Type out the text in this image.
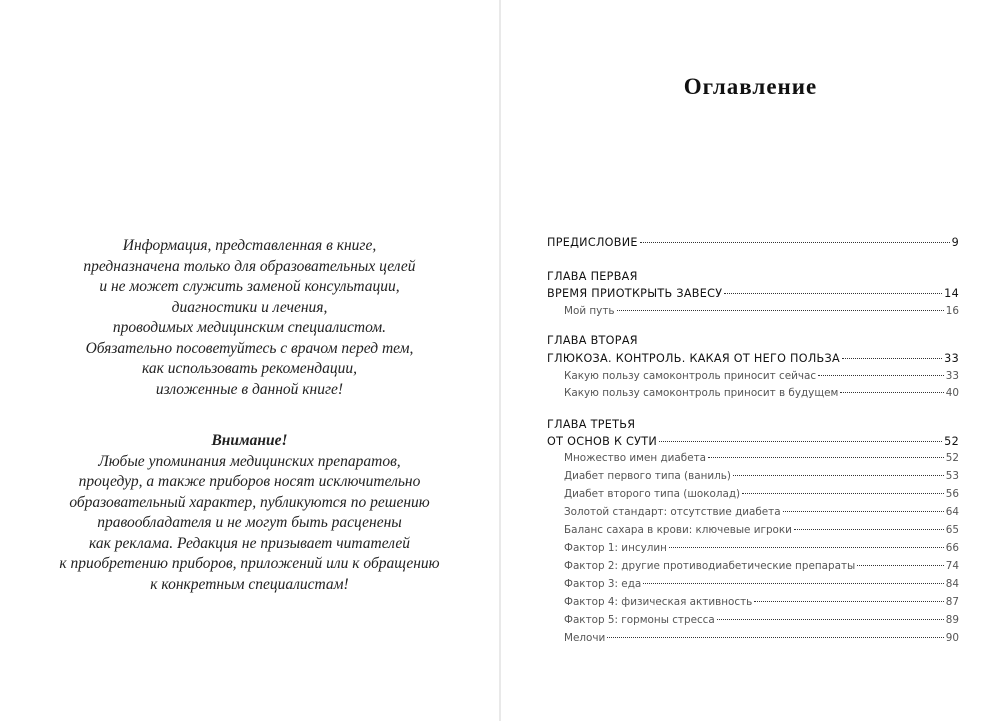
Информация, представленная в книге,
предназначена только для образовательных целей
и не может служить заменой консультации,
диагностики и лечения,
проводимых медицинским специалистом.
Обязательно посоветуйтесь с врачом перед тем,
как использовать рекомендации,
изложенные в данной книге!
Внимание!
Любые упоминания медицинских препаратов,
процедур, а также приборов носят исключительно
образовательный характер, публикуются по решению
правообладателя и не могут быть расценены
как реклама. Редакция не призывает читателей
к приобретению приборов, приложений или к обращению
к конкретным специалистам!
Оглавление
ПРЕДИСЛОВИЕ	9
ГЛАВА ПЕРВАЯ
ВРЕМЯ ПРИОТКРЫТЬ ЗАВЕСУ	14
Мой путь	16
ГЛАВА ВТОРАЯ
ГЛЮКОЗА. КОНТРОЛЬ. КАКАЯ ОТ НЕГО ПОЛЬЗА	33
Какую пользу самоконтроль приносит сейчас	33
Какую пользу самоконтроль приносит в будущем	40
ГЛАВА ТРЕТЬЯ
ОТ ОСНОВ К СУТИ	52
Множество имен диабета	52
Диабет первого типа (ваниль)	53
Диабет второго типа (шоколад)	56
Золотой стандарт: отсутствие диабета	64
Баланс сахара в крови: ключевые игроки	65
Фактор 1: инсулин	66
Фактор 2: другие противодиабетические препараты	74
Фактор 3: еда	84
Фактор 4: физическая активность	87
Фактор 5: гормоны стресса	89
Мелочи	90
